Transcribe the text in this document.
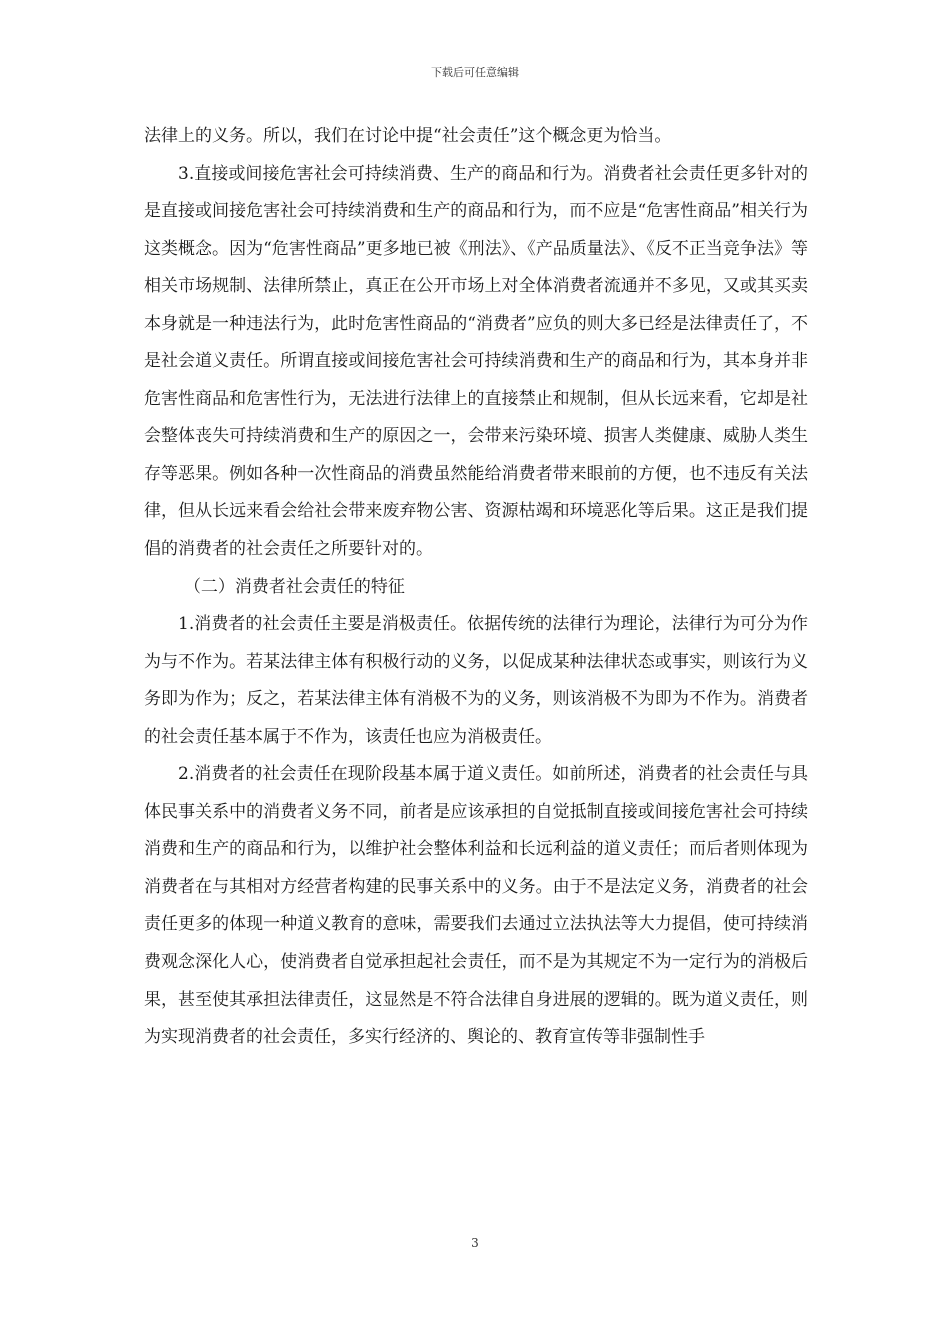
下载后可任意编辑

法律上的义务。所以，我们在讨论中提“社会责任”这个概念更为恰当。

3.直接或间接危害社会可持续消费、生产的商品和行为。消费者社会责任更多针对的是直接或间接危害社会可持续消费和生产的商品和行为，而不应是“危害性商品”相关行为这类概念。因为“危害性商品”更多地已被《刑法》、《产品质量法》、《反不正当竞争法》等相关市场规制、法律所禁止，真正在公开市场上对全体消费者流通并不多见，又或其买卖本身就是一种违法行为，此时危害性商品的“消费者”应负的则大多已经是法律责任了，不是社会道义责任。所谓直接或间接危害社会可持续消费和生产的商品和行为，其本身并非危害性商品和危害性行为，无法进行法律上的直接禁止和规制，但从长远来看，它却是社会整体丧失可持续消费和生产的原因之一，会带来污染环境、损害人类健康、威胁人类生存等恶果。例如各种一次性商品的消费虽然能给消费者带来眼前的方便，也不违反有关法律，但从长远来看会给社会带来废弃物公害、资源枯竭和环境恶化等后果。这正是我们提倡的消费者的社会责任之所要针对的。

（二）消费者社会责任的特征

1.消费者的社会责任主要是消极责任。依据传统的法律行为理论，法律行为可分为作为与不作为。若某法律主体有积极行动的义务，以促成某种法律状态或事实，则该行为义务即为作为；反之，若某法律主体有消极不为的义务，则该消极不为即为不作为。消费者的社会责任基本属于不作为，该责任也应为消极责任。

2.消费者的社会责任在现阶段基本属于道义责任。如前所述，消费者的社会责任与具体民事关系中的消费者义务不同，前者是应该承担的自觉抵制直接或间接危害社会可持续消费和生产的商品和行为，以维护社会整体利益和长远利益的道义责任；而后者则体现为消费者在与其相对方经营者构建的民事关系中的义务。由于不是法定义务，消费者的社会责任更多的体现一种道义教育的意味，需要我们去通过立法执法等大力提倡，使可持续消费观念深化人心，使消费者自觉承担起社会责任，而不是为其规定不为一定行为的消极后果，甚至使其承担法律责任，这显然是不符合法律自身进展的逻辑的。既为道义责任，则为实现消费者的社会责任，多实行经济的、舆论的、教育宣传等非强制性手

3
